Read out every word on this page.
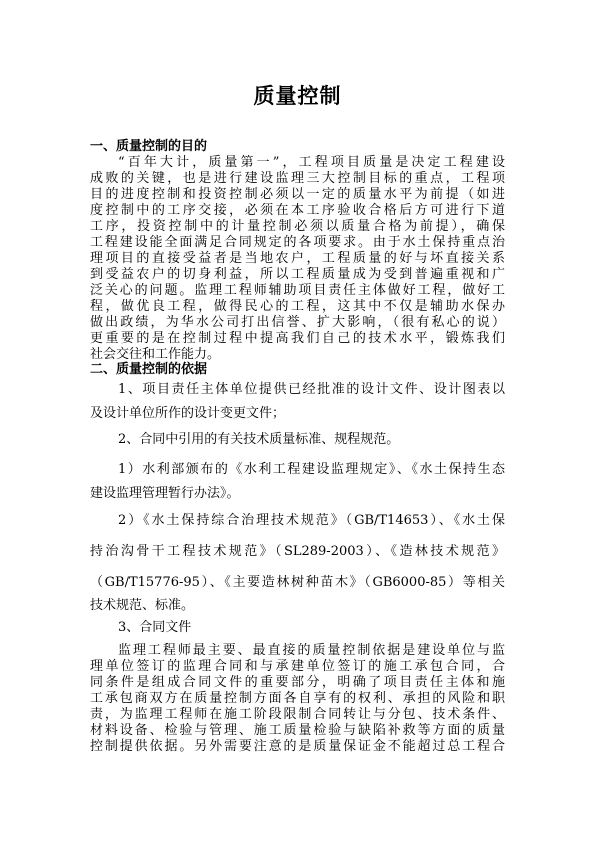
质量控制
一、质量控制的目的
“百年大计，质量第一”，工程项目质量是决定工程建设
成败的关键，也是进行建设监理三大控制目标的重点，工程项
目的进度控制和投资控制必须以一定的质量水平为前提（如进
度控制中的工序交接，必须在本工序验收合格后方可进行下道
工序，投资控制中的计量控制必须以质量合格为前提），确保
工程建设能全面满足合同规定的各项要求。由于水土保持重点治
理项目的直接受益者是当地农户，工程质量的好与坏直接关系
到受益农户的切身利益，所以工程质量成为受到普遍重视和广
泛关心的问题。监理工程师辅助项目责任主体做好工程，做好工
程，做优良工程，做得民心的工程，这其中不仅是辅助水保办
做出政绩，为华水公司打出信誉、扩大影响，（很有私心的说）
更重要的是在控制过程中提高我们自己的技术水平，锻炼我们
社会交往和工作能力。
二、质量控制的依据
1、项目责任主体单位提供已经批准的设计文件、设计图表以
及设计单位所作的设计变更文件；
2、合同中引用的有关技术质量标准、规程规范。
1）水利部颁布的《水利工程建设监理规定》、《水土保持生态
建设监理管理暂行办法》。
2）《水土保持综合治理技术规范》（GB/T14653）、《水土保
持治沟骨干工程技术规范》（SL289-2003）、《造林技术规范》
（GB/T15776-95）、《主要造林树种苗木》（GB6000-85）等相关
技术规范、标准。
3、合同文件
监理工程师最主要、最直接的质量控制依据是建设单位与监
理单位签订的监理合同和与承建单位签订的施工承包合同，合
同条件是组成合同文件的重要部分，明确了项目责任主体和施
工承包商双方在质量控制方面各自享有的权利、承担的风险和职
责，为监理工程师在施工阶段限制合同转让与分包、技术条件、
材料设备、检验与管理、施工质量检验与缺陷补救等方面的质量
控制提供依据。另外需要注意的是质量保证金不能超过总工程合
